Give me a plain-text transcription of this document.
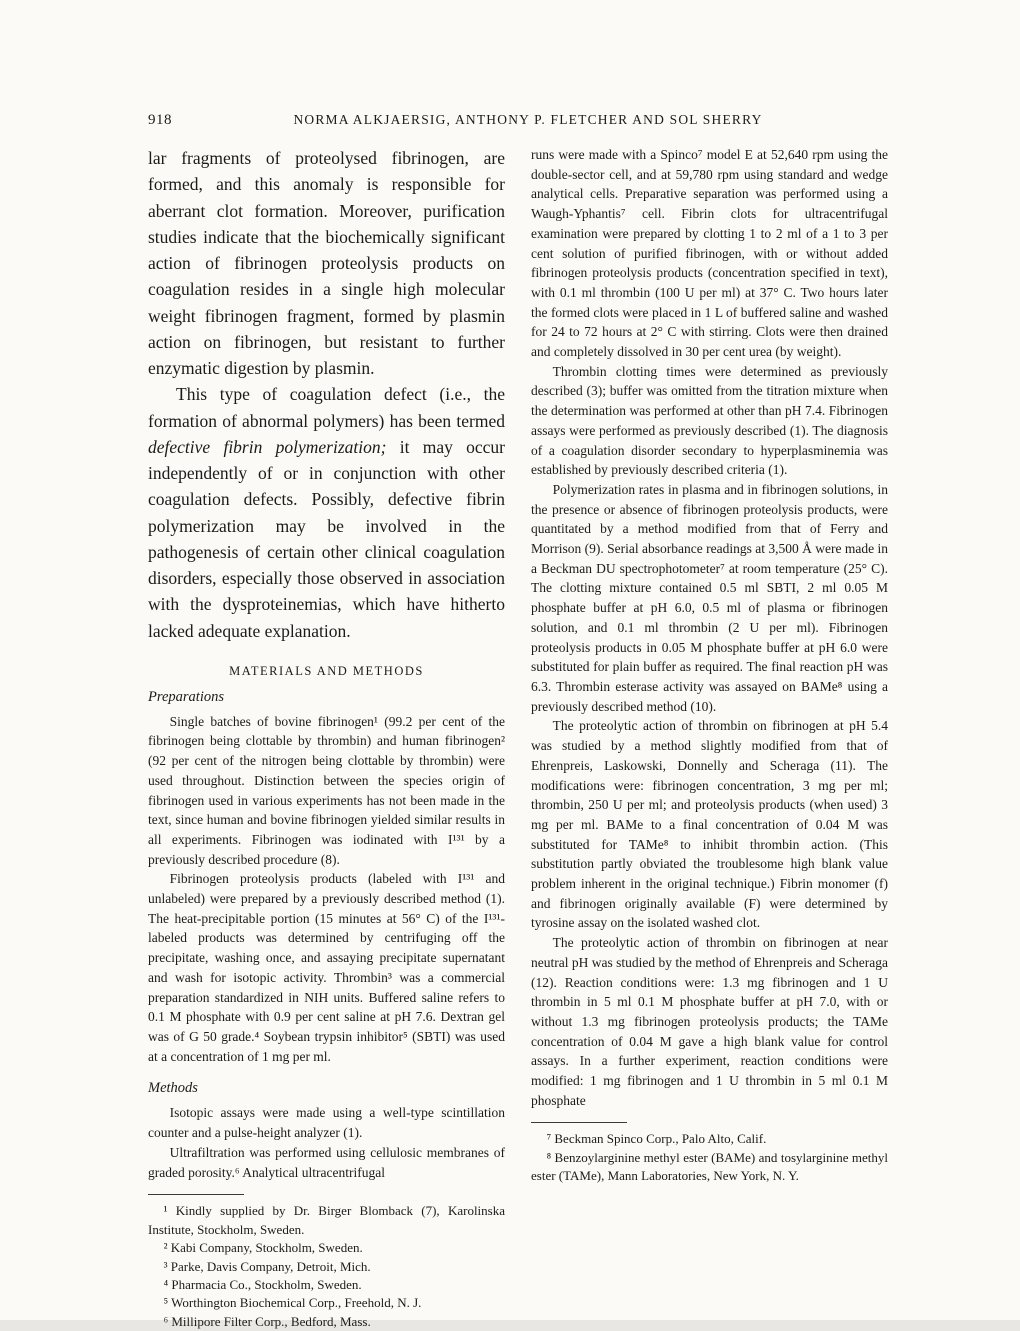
918	NORMA ALKJAERSIG, ANTHONY P. FLETCHER AND SOL SHERRY

lar fragments of proteolysed fibrinogen, are formed, and this anomaly is responsible for aberrant clot formation. Moreover, purification studies indicate that the biochemically significant action of fibrinogen proteolysis products on coagulation resides in a single high molecular weight fibrinogen fragment, formed by plasmin action on fibrinogen, but resistant to further enzymatic digestion by plasmin.

This type of coagulation defect (i.e., the formation of abnormal polymers) has been termed defective fibrin polymerization; it may occur independently of or in conjunction with other coagulation defects. Possibly, defective fibrin polymerization may be involved in the pathogenesis of certain other clinical coagulation disorders, especially those observed in association with the dysproteinemias, which have hitherto lacked adequate explanation.

MATERIALS AND METHODS
Preparations

Single batches of bovine fibrinogen¹ (99.2 per cent of the fibrinogen being clottable by thrombin) and human fibrinogen² (92 per cent of the nitrogen being clottable by thrombin) were used throughout. Distinction between the species origin of fibrinogen used in various experiments has not been made in the text, since human and bovine fibrinogen yielded similar results in all experiments. Fibrinogen was iodinated with I¹³¹ by a previously described procedure (8).

Fibrinogen proteolysis products (labeled with I¹³¹ and unlabeled) were prepared by a previously described method (1). The heat-precipitable portion (15 minutes at 56° C) of the I¹³¹-labeled products was determined by centrifuging off the precipitate, washing once, and assaying precipitate supernatant and wash for isotopic activity. Thrombin³ was a commercial preparation standardized in NIH units. Buffered saline refers to 0.1 M phosphate with 0.9 per cent saline at pH 7.6. Dextran gel was of G 50 grade.⁴ Soybean trypsin inhibitor⁵ (SBTI) was used at a concentration of 1 mg per ml.

Methods

Isotopic assays were made using a well-type scintillation counter and a pulse-height analyzer (1).

Ultrafiltration was performed using cellulosic membranes of graded porosity.⁶ Analytical ultracentrifugal

¹ Kindly supplied by Dr. Birger Blomback (7), Karolinska Institute, Stockholm, Sweden.

² Kabi Company, Stockholm, Sweden.

³ Parke, Davis Company, Detroit, Mich.

⁴ Pharmacia Co., Stockholm, Sweden.

⁵ Worthington Biochemical Corp., Freehold, N. J.

⁶ Millipore Filter Corp., Bedford, Mass.

runs were made with a Spinco⁷ model E at 52,640 rpm using the double-sector cell, and at 59,780 rpm using standard and wedge analytical cells. Preparative separation was performed using a Waugh-Yphantis⁷ cell. Fibrin clots for ultracentrifugal examination were prepared by clotting 1 to 2 ml of a 1 to 3 per cent solution of purified fibrinogen, with or without added fibrinogen proteolysis products (concentration specified in text), with 0.1 ml thrombin (100 U per ml) at 37° C. Two hours later the formed clots were placed in 1 L of buffered saline and washed for 24 to 72 hours at 2° C with stirring. Clots were then drained and completely dissolved in 30 per cent urea (by weight).

Thrombin clotting times were determined as previously described (3); buffer was omitted from the titration mixture when the determination was performed at other than pH 7.4. Fibrinogen assays were performed as previously described (1). The diagnosis of a coagulation disorder secondary to hyperplasminemia was established by previously described criteria (1).

Polymerization rates in plasma and in fibrinogen solutions, in the presence or absence of fibrinogen proteolysis products, were quantitated by a method modified from that of Ferry and Morrison (9). Serial absorbance readings at 3,500 Å were made in a Beckman DU spectrophotometer⁷ at room temperature (25° C). The clotting mixture contained 0.5 ml SBTI, 2 ml 0.05 M phosphate buffer at pH 6.0, 0.5 ml of plasma or fibrinogen solution, and 0.1 ml thrombin (2 U per ml). Fibrinogen proteolysis products in 0.05 M phosphate buffer at pH 6.0 were substituted for plain buffer as required. The final reaction pH was 6.3. Thrombin esterase activity was assayed on BAMe⁸ using a previously described method (10).

The proteolytic action of thrombin on fibrinogen at pH 5.4 was studied by a method slightly modified from that of Ehrenpreis, Laskowski, Donnelly and Scheraga (11). The modifications were: fibrinogen concentration, 3 mg per ml; thrombin, 250 U per ml; and proteolysis products (when used) 3 mg per ml. BAMe to a final concentration of 0.04 M was substituted for TAMe⁸ to inhibit thrombin action. (This substitution partly obviated the troublesome high blank value problem inherent in the original technique.) Fibrin monomer (f) and fibrinogen originally available (F) were determined by tyrosine assay on the isolated washed clot.

The proteolytic action of thrombin on fibrinogen at near neutral pH was studied by the method of Ehrenpreis and Scheraga (12). Reaction conditions were: 1.3 mg fibrinogen and 1 U thrombin in 5 ml 0.1 M phosphate buffer at pH 7.0, with or without 1.3 mg fibrinogen proteolysis products; the TAMe concentration of 0.04 M gave a high blank value for control assays. In a further experiment, reaction conditions were modified: 1 mg fibrinogen and 1 U thrombin in 5 ml 0.1 M phosphate

⁷ Beckman Spinco Corp., Palo Alto, Calif.

⁸ Benzoylarginine methyl ester (BAMe) and tosylarginine methyl ester (TAMe), Mann Laboratories, New York, N. Y.
